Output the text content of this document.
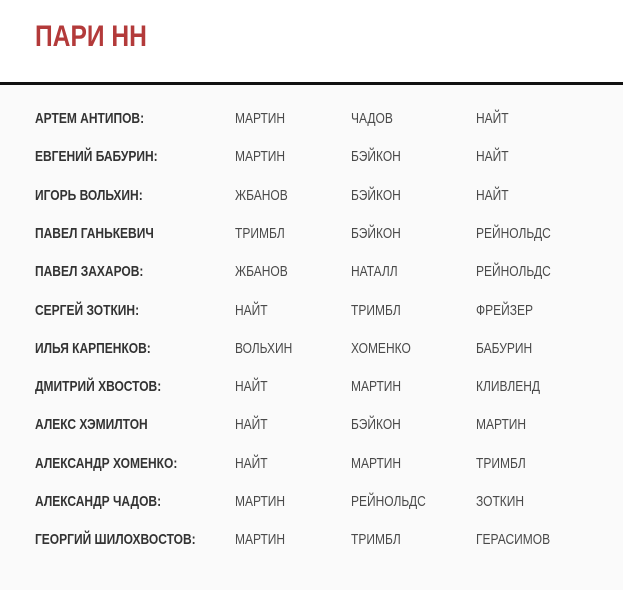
ПАРИ НН
АРТЕМ АНТИПОВ:	МАРТИН	ЧАДОВ	НАЙТ
ЕВГЕНИЙ БАБУРИН:	МАРТИН	БЭЙКОН	НАЙТ
ИГОРЬ ВОЛЬХИН:	ЖБАНОВ	БЭЙКОН	НАЙТ
ПАВЕЛ ГАНЬКЕВИЧ	ТРИМБЛ	БЭЙКОН	РЕЙНОЛЬДС
ПАВЕЛ ЗАХАРОВ:	ЖБАНОВ	НАТАЛЛ	РЕЙНОЛЬДС
СЕРГЕЙ ЗОТКИН:	НАЙТ	ТРИМБЛ	ФРЕЙЗЕР
ИЛЬЯ КАРПЕНКОВ:	ВОЛЬХИН	ХОМЕНКО	БАБУРИН
ДМИТРИЙ ХВОСТОВ:	НАЙТ	МАРТИН	КЛИВЛЕНД
АЛЕКС ХЭМИЛТОН	НАЙТ	БЭЙКОН	МАРТИН
АЛЕКСАНДР ХОМЕНКО:	НАЙТ	МАРТИН	ТРИМБЛ
АЛЕКСАНДР ЧАДОВ:	МАРТИН	РЕЙНОЛЬДС	ЗОТКИН
ГЕОРГИЙ ШИЛОХВОСТОВ:	МАРТИН	ТРИМБЛ	ГЕРАСИМОВ
